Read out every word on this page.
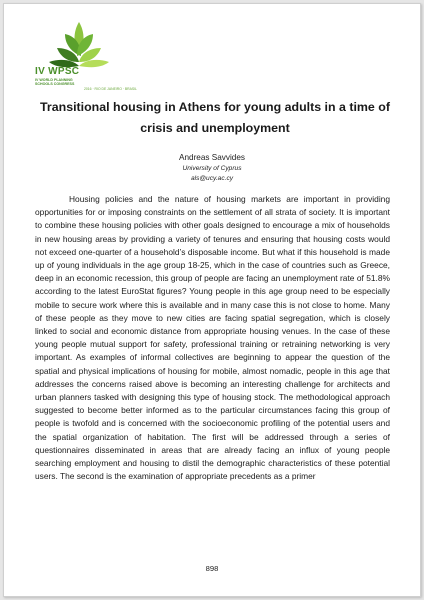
IV WPSC
IV WORLD PLANNING
SCHOOLS CONGRESS
2016 · RIO DE JANEIRO · BRASIL
Transitional housing in Athens for young adults in a time of crisis and unemployment
Andreas Savvides
University of Cyprus
als@ucy.ac.cy

Housing policies and the nature of housing markets are important in providing opportunities for or imposing constraints on the settlement of all strata of society. It is important to combine these housing policies with other goals designed to encourage a mix of households in new housing areas by providing a variety of tenures and ensuring that housing costs would not exceed one-quarter of a household’s disposable income. But what if this household is made up of young individuals in the age group 18-25, which in the case of countries such as Greece, deep in an economic recession, this group of people are facing an unemployment rate of 51.8% according to the latest EuroStat figures? Young people in this age group need to be especially mobile to secure work where this is available and in many case this is not close to home. Many of these people as they move to new cities are facing spatial segregation, which is closely linked to social and economic distance from appropriate housing venues. In the case of these young people mutual support for safety, professional training or retraining networking is very important. As examples of informal collectives are beginning to appear the question of the spatial and physical implications of housing for mobile, almost nomadic, people in this age that addresses the concerns raised above is becoming an interesting challenge for architects and urban planners tasked with designing this type of housing stock. The methodological approach suggested to become better informed as to the particular circumstances facing this group of people is twofold and is concerned with the socioeconomic profiling of the potential users and the spatial organization of habitation. The first will be addressed through a series of questionnaires disseminated in areas that are already facing an influx of young people searching employment and housing to distil the demographic characteristics of these potential users. The second is the examination of appropriate precedents as a primer

898
